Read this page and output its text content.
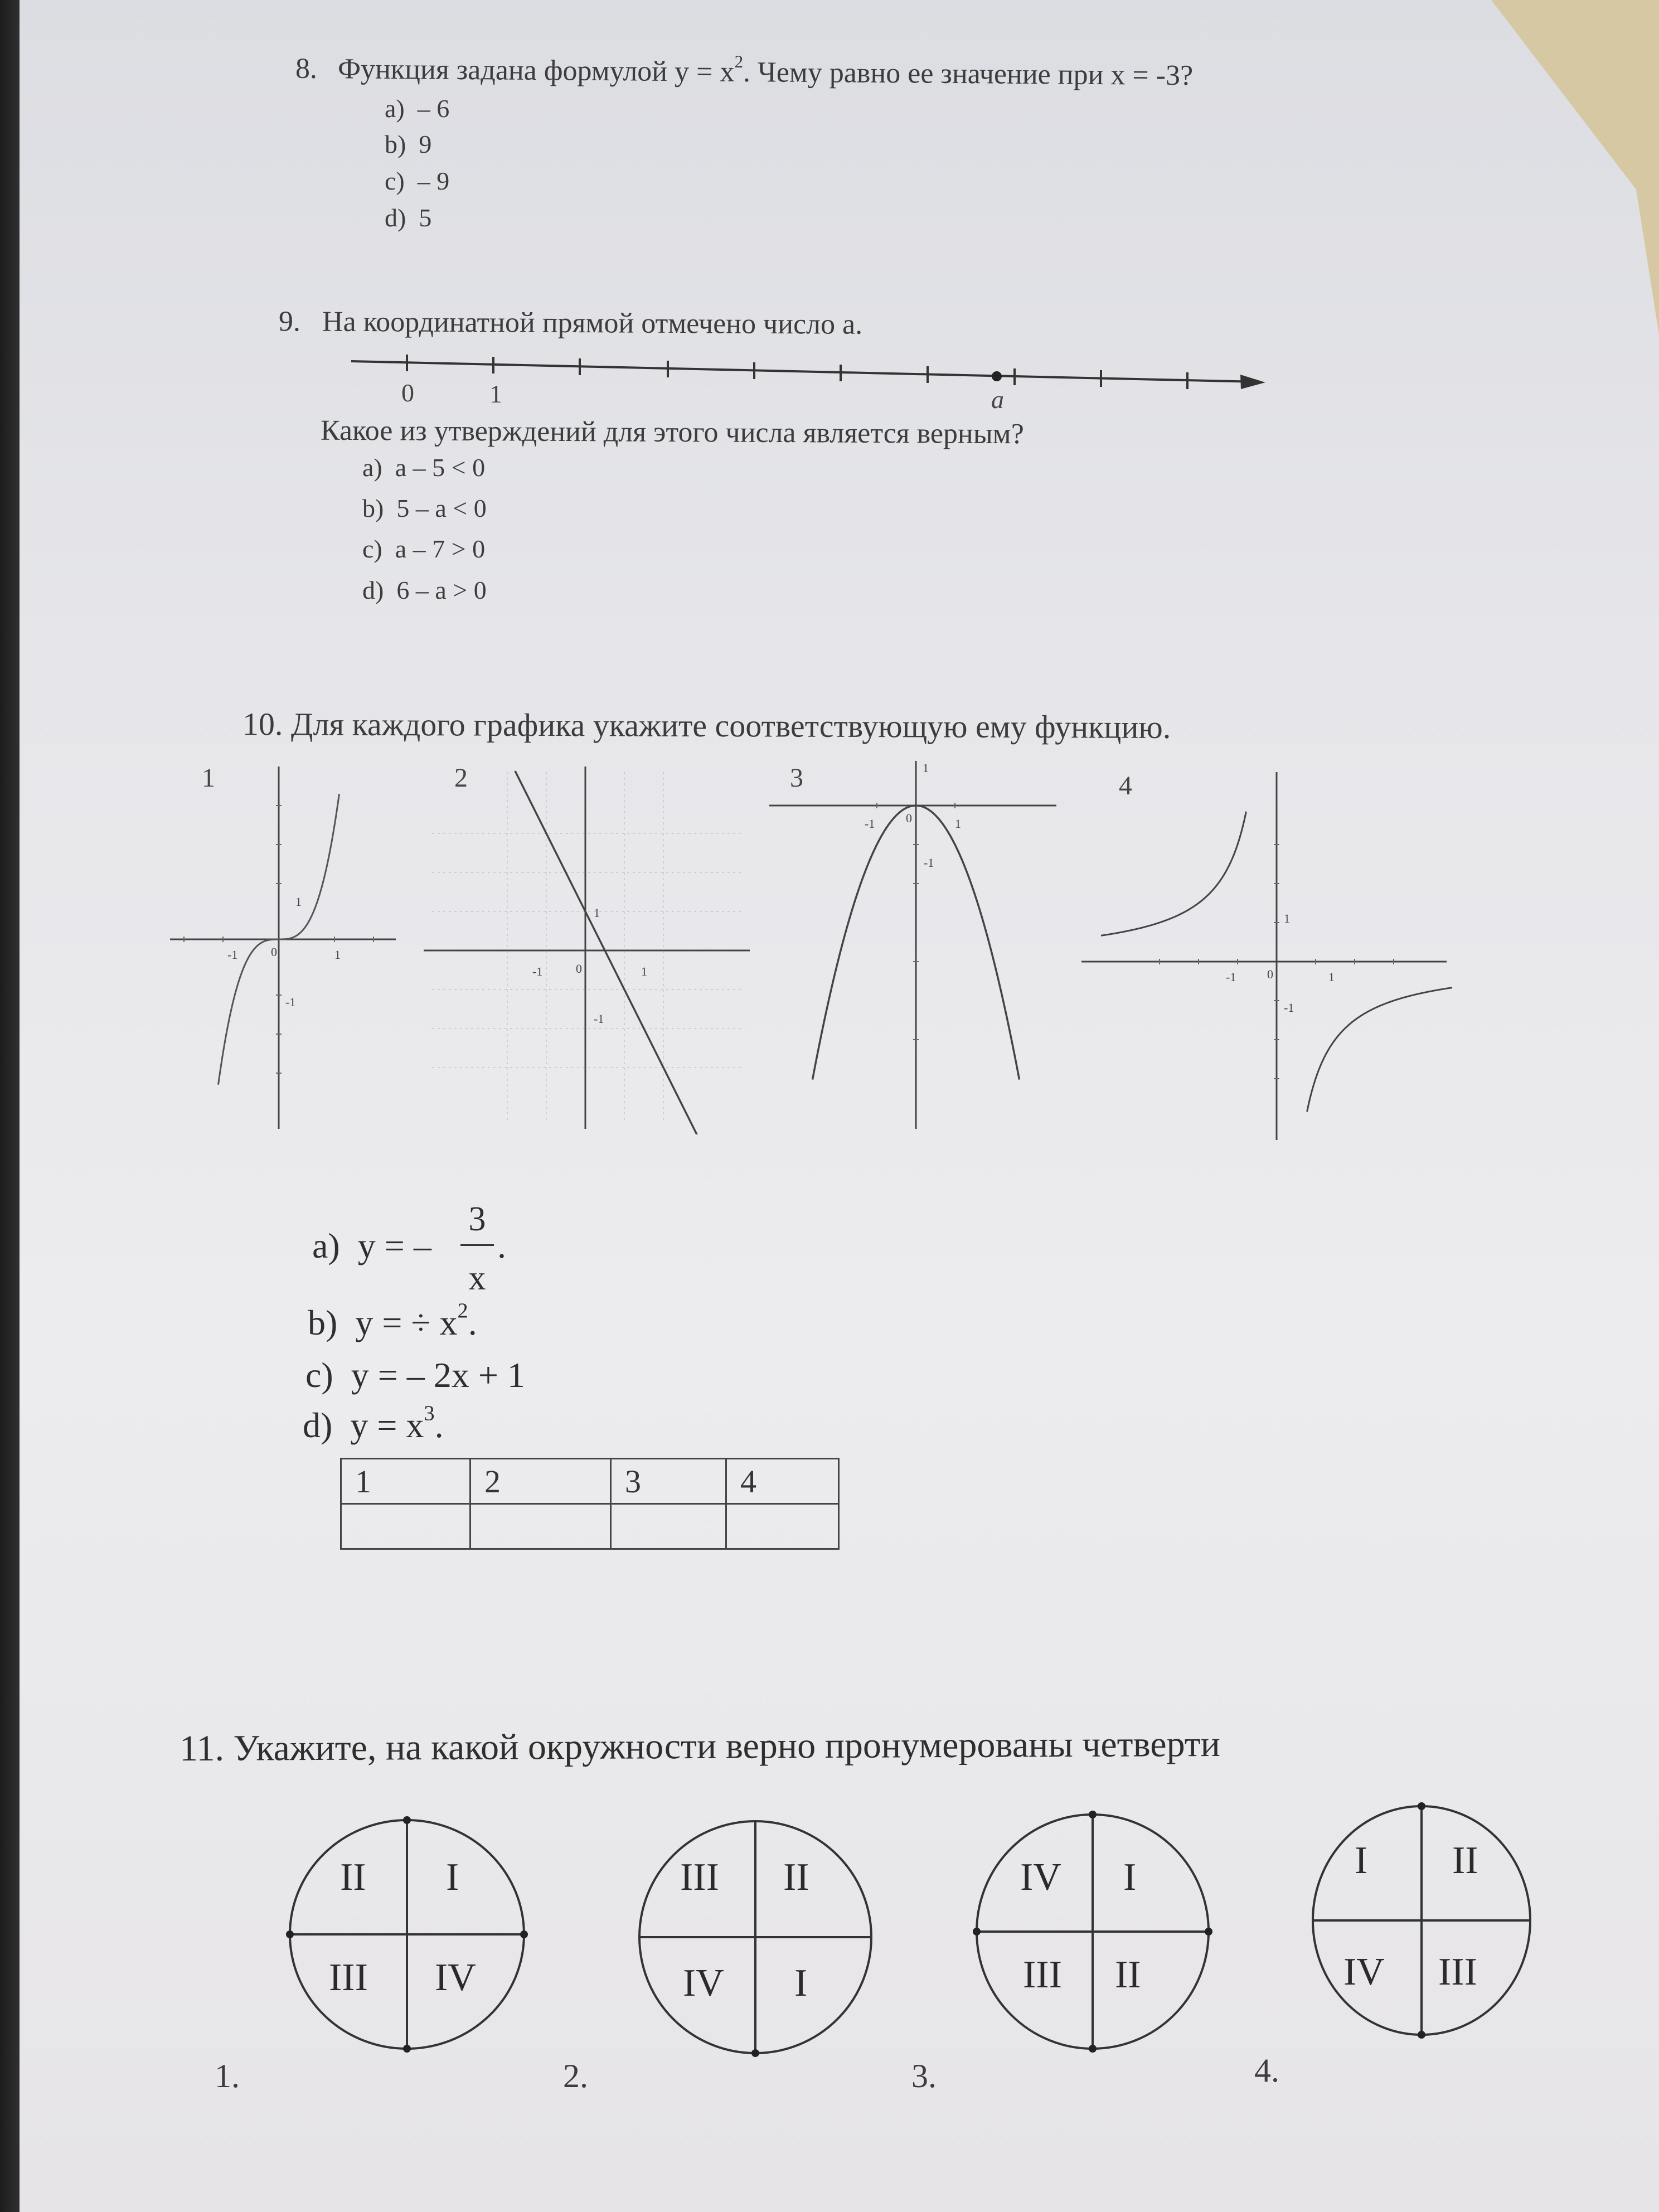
8. Функция задана формулой $y = x^2$. Чему равно ее значение при x = -3?
a) – 6
b) 9
c) – 9
d) 5
9. На координатной прямой отмечено число a.
0	1	a
Какое из утверждений для этого числа является верным?
a) a – 5 < 0
b) 5 – a < 0
c) a – 7 > 0
d) 6 – a > 0
10. Для каждого графика укажите соответствующую ему функцию.
1
1
-1	0	1
-1
2
1
-1	0	1
-1
3	1
-1	0	1
-1
4
1
-1	0	1
-1
a) y = –
3
x
.
b) y = ÷ $x^2$.
c) y = – 2x + 1
d) $y = x^3$.
1	2	3	4

11. Укажите, на какой окружности верно пронумерованы четверти
II I
III IV
1.
III II
IV I
2.
IV I
III II
3.
I II
IV III
4.
